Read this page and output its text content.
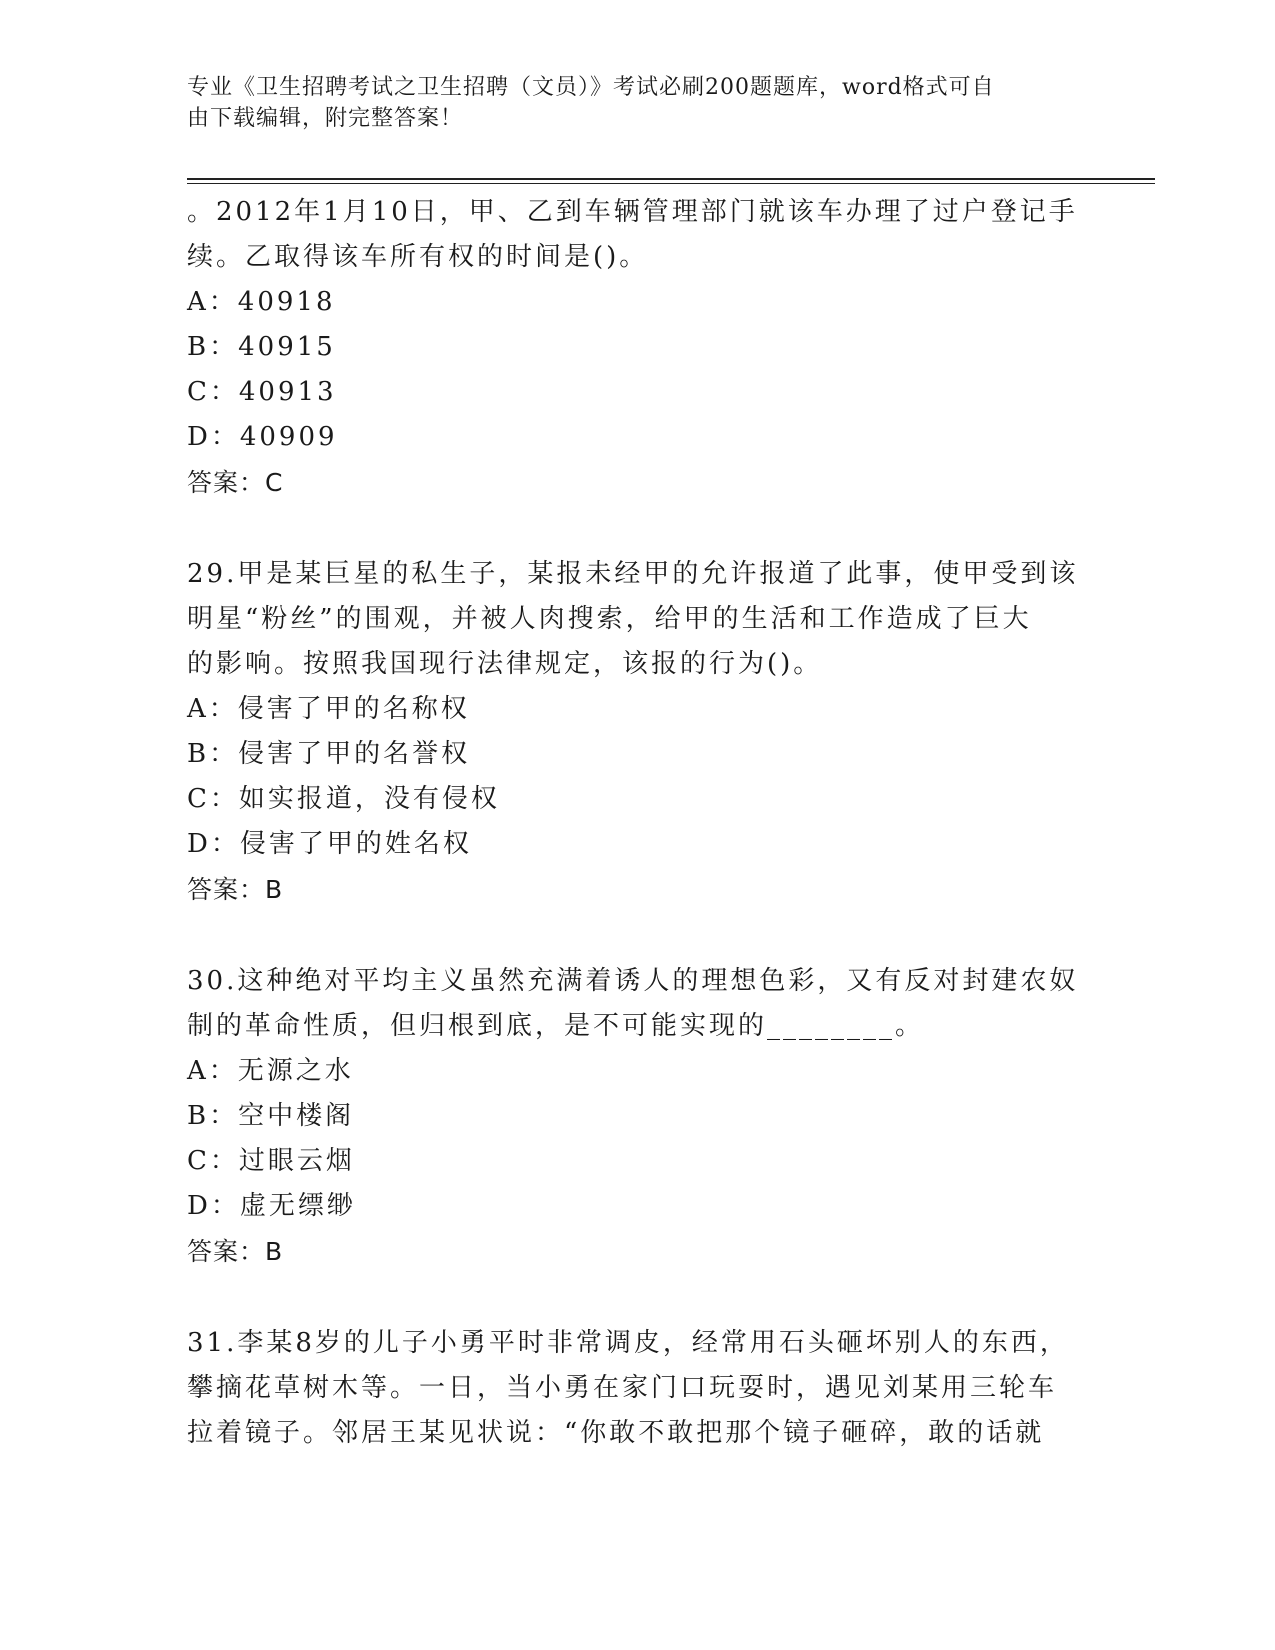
专业《卫生招聘考试之卫生招聘（文员）》考试必刷200题题库，word格式可自
由下载编辑，附完整答案！
。2012年1月10日，甲、乙到车辆管理部门就该车办理了过户登记手
续。乙取得该车所有权的时间是()。
A：40918
B：40915
C：40913
D：40909
答案：C
29.甲是某巨星的私生子，某报未经甲的允许报道了此事，使甲受到该
明星“粉丝”的围观，并被人肉搜索，给甲的生活和工作造成了巨大
的影响。按照我国现行法律规定，该报的行为()。
A：侵害了甲的名称权
B：侵害了甲的名誉权
C：如实报道，没有侵权
D：侵害了甲的姓名权
答案：B
30.这种绝对平均主义虽然充满着诱人的理想色彩，又有反对封建农奴
制的革命性质，但归根到底，是不可能实现的________。
A：无源之水
B：空中楼阁
C：过眼云烟
D：虚无缥缈
答案：B
31.李某8岁的儿子小勇平时非常调皮，经常用石头砸坏别人的东西，
攀摘花草树木等。一日，当小勇在家门口玩耍时，遇见刘某用三轮车
拉着镜子。邻居王某见状说：“你敢不敢把那个镜子砸碎，敢的话就
